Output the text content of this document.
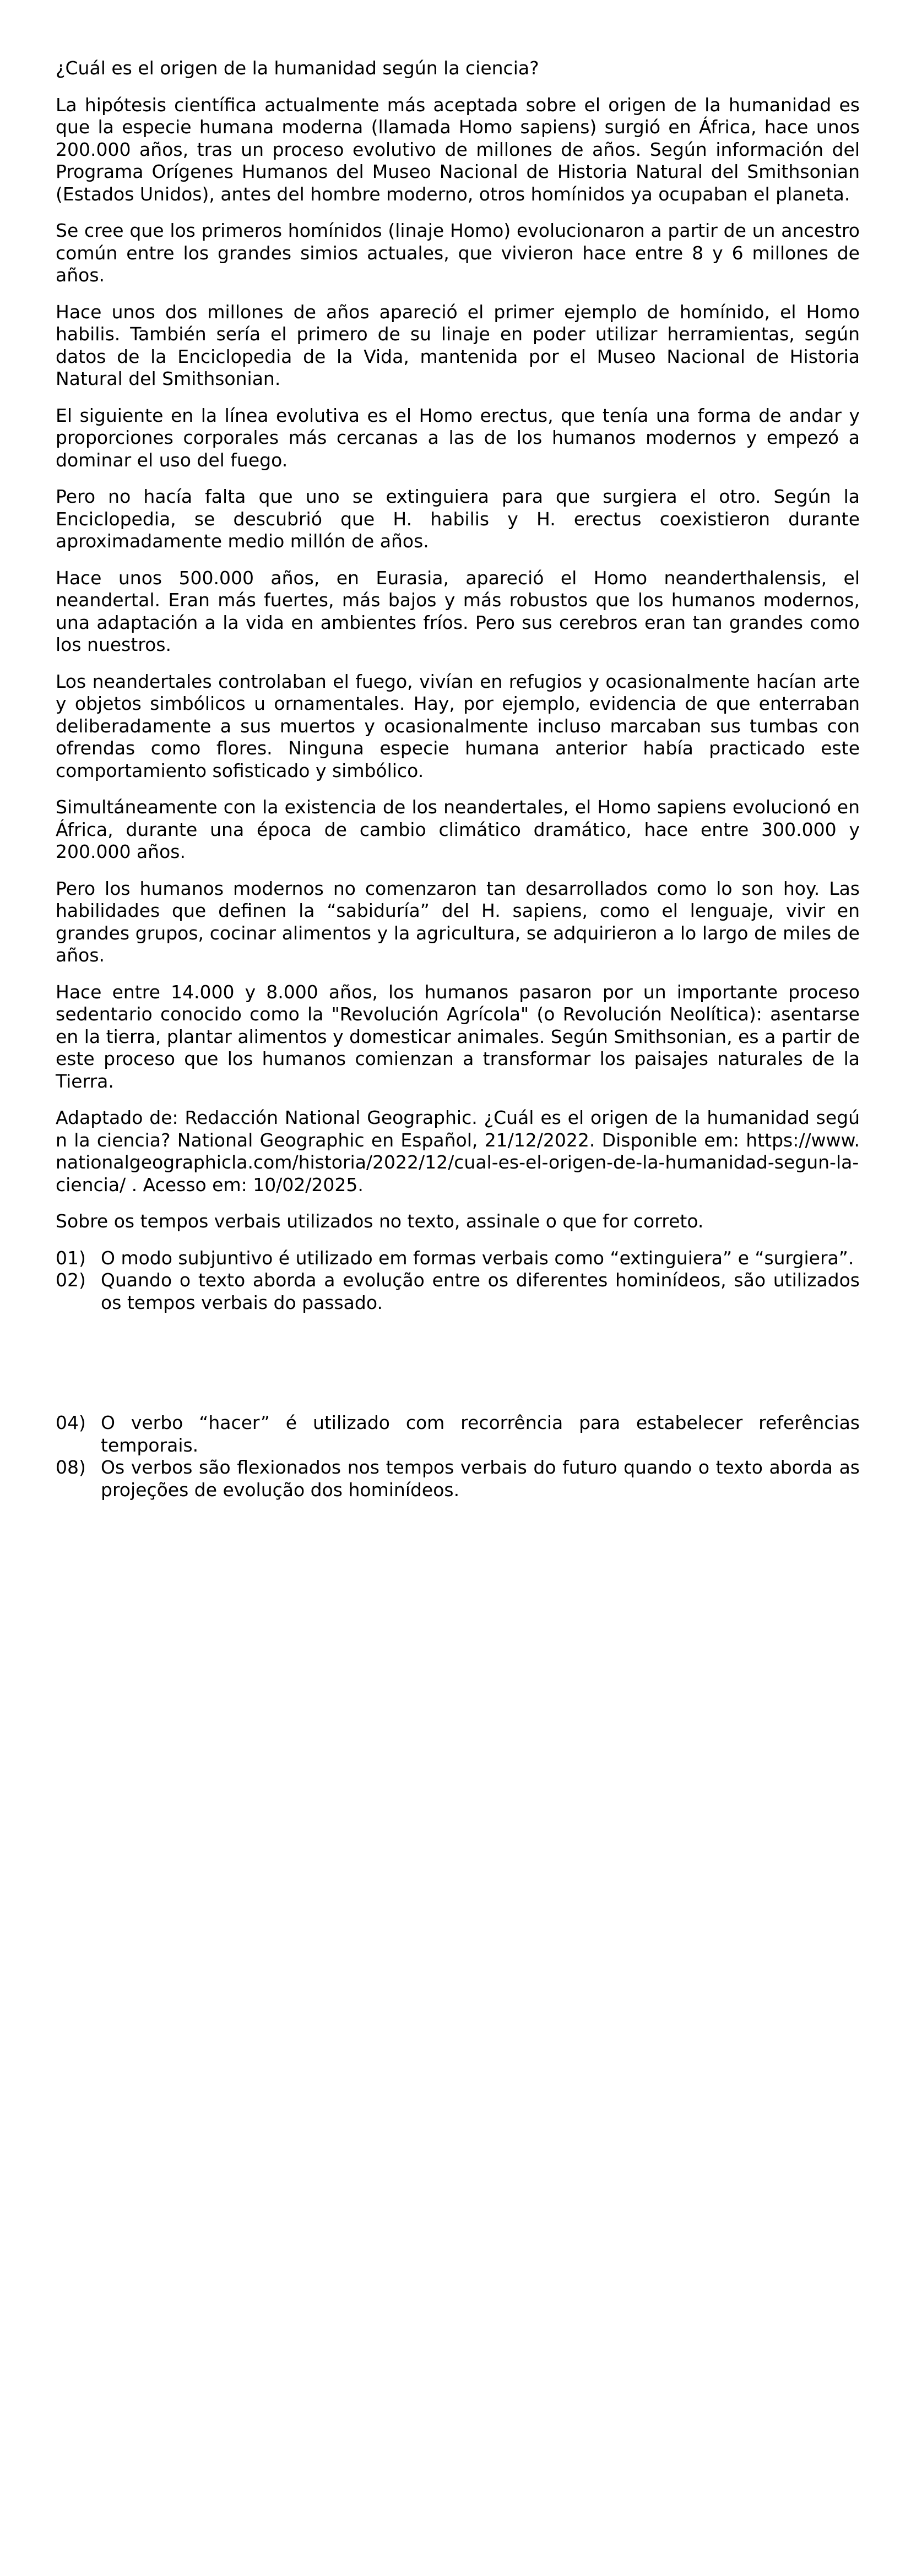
¿Cuál es el origen de la humanidad según la ciencia?

La hipótesis científica actualmente más aceptada sobre el origen de la humanidad es que la especie humana moderna (llamada Homo sapiens) surgió en África, hace unos 200.000 años, tras un proceso evolutivo de millones de años. Según información del Programa Orígenes Humanos del Museo Nacional de Historia Natural del Smithsonian (Estados Unidos), antes del hombre moderno, otros homínidos ya ocupaban el planeta.

Se cree que los primeros homínidos (linaje Homo) evolucionaron a partir de un ancestro común entre los grandes simios actuales, que vivieron hace entre 8 y 6 millones de años.

Hace unos dos millones de años apareció el primer ejemplo de homínido, el Homo habilis. También sería el primero de su linaje en poder utilizar herramientas, según datos de la Enciclopedia de la Vida, mantenida por el Museo Nacional de Historia Natural del Smithsonian.

El siguiente en la línea evolutiva es el Homo erectus, que tenía una forma de andar y proporciones corporales más cercanas a las de los humanos modernos y empezó a dominar el uso del fuego.

Pero no hacía falta que uno se extinguiera para que surgiera el otro. Según la Enciclopedia, se descubrió que H. habilis y H. erectus coexistieron durante aproximadamente medio millón de años.

Hace unos 500.000 años, en Eurasia, apareció el Homo neanderthalensis, el neandertal. Eran más fuertes, más bajos y más robustos que los humanos modernos, una adaptación a la vida en ambientes fríos. Pero sus cerebros eran tan grandes como los nuestros.

Los neandertales controlaban el fuego, vivían en refugios y ocasionalmente hacían arte y objetos simbólicos u ornamentales. Hay, por ejemplo, evidencia de que enterraban deliberadamente a sus muertos y ocasionalmente incluso marcaban sus tumbas con ofrendas como flores. Ninguna especie humana anterior había practicado este comportamiento sofisticado y simbólico.

Simultáneamente con la existencia de los neandertales, el Homo sapiens evolucionó en África, durante una época de cambio climático dramático, hace entre 300.000 y 200.000 años.

Pero los humanos modernos no comenzaron tan desarrollados como lo son hoy. Las habilidades que definen la “sabiduría” del H. sapiens, como el lenguaje, vivir en grandes grupos, cocinar alimentos y la agricultura, se adquirieron a lo largo de miles de años.

Hace entre 14.000 y 8.000 años, los humanos pasaron por un importante proceso sedentario conocido como la "Revolución Agrícola" (o Revolución Neolítica): asentarse en la tierra, plantar alimentos y domesticar animales. Según Smithsonian, es a partir de este proceso que los humanos comienzan a transformar los paisajes naturales de la Tierra.

Adaptado de: Redacción National Geographic. ¿Cuál es el origen de la humanidad según la ciencia? National Geographic en Español, 21/12/2022. Disponible em: https://www.nationalgeographicla.com/historia/2022/12/cual-es-el-origen-de-la-humanidad-segun-la-ciencia/ . Acesso em: 10/02/2025.

Sobre os tempos verbais utilizados no texto, assinale o que for correto.

01) O modo subjuntivo é utilizado em formas verbais como “extinguiera” e “surgiera”.
02) Quando o texto aborda a evolução entre os diferentes hominídeos, são utilizados os tempos verbais do passado.
04) O verbo “hacer” é utilizado com recorrência para estabelecer referências temporais.
08) Os verbos são flexionados nos tempos verbais do futuro quando o texto aborda as projeções de evolução dos hominídeos.
